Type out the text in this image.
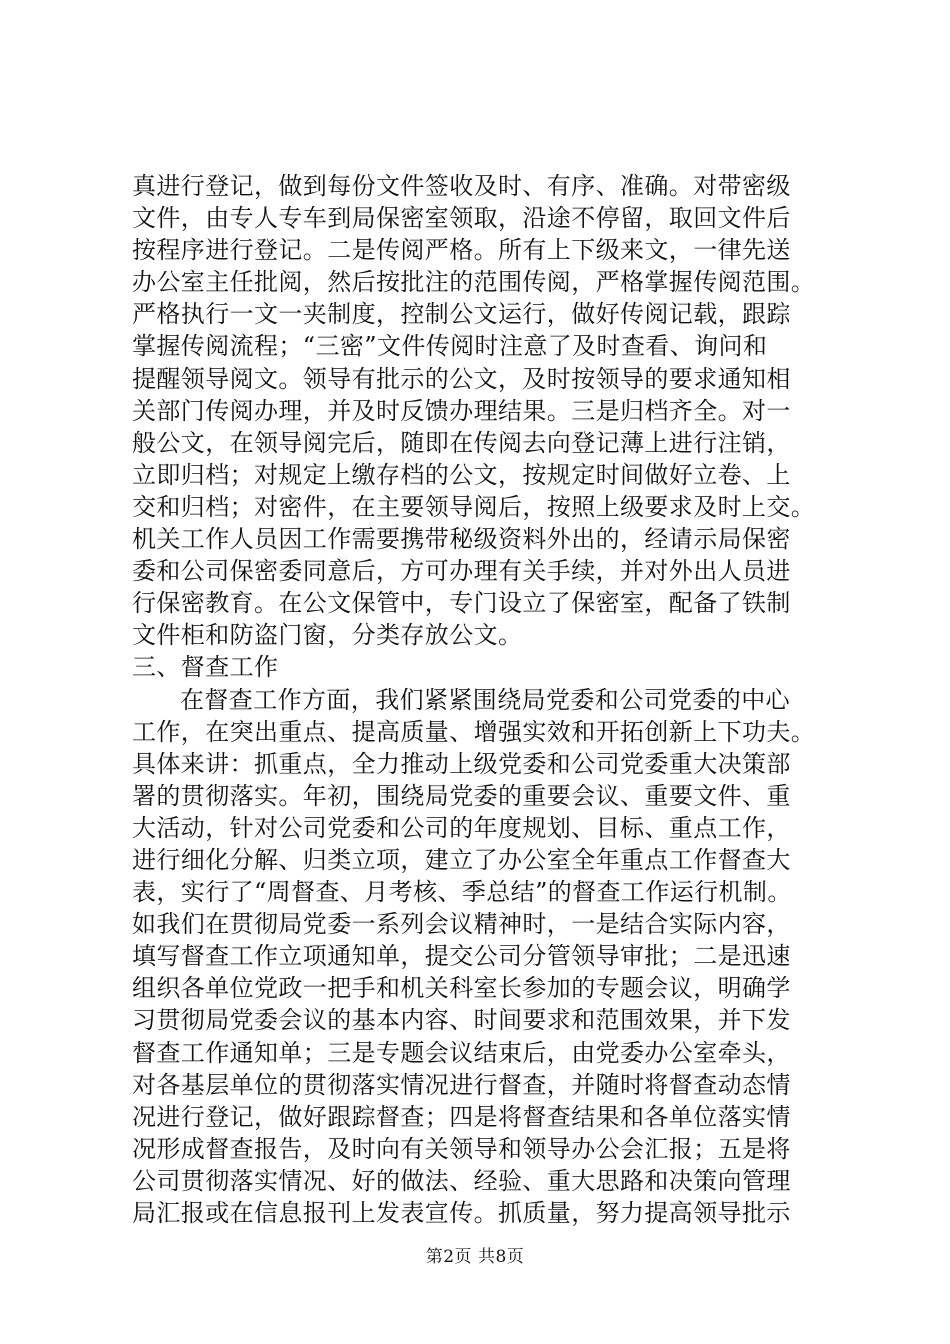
真进行登记，做到每份文件签收及时、有序、准确。对带密级
文件，由专人专车到局保密室领取，沿途不停留，取回文件后
按程序进行登记。二是传阅严格。所有上下级来文，一律先送
办公室主任批阅，然后按批注的范围传阅，严格掌握传阅范围。
严格执行一文一夹制度，控制公文运行，做好传阅记载，跟踪
掌握传阅流程；“三密”文件传阅时注意了及时查看、询问和
提醒领导阅文。领导有批示的公文，及时按领导的要求通知相
关部门传阅办理，并及时反馈办理结果。三是归档齐全。对一
般公文，在领导阅完后，随即在传阅去向登记薄上进行注销，
立即归档；对规定上缴存档的公文，按规定时间做好立卷、上
交和归档；对密件，在主要领导阅后，按照上级要求及时上交。
机关工作人员因工作需要携带秘级资料外出的，经请示局保密
委和公司保密委同意后，方可办理有关手续，并对外出人员进
行保密教育。在公文保管中，专门设立了保密室，配备了铁制
文件柜和防盗门窗，分类存放公文。

三、督查工作

在督查工作方面，我们紧紧围绕局党委和公司党委的中心
工作，在突出重点、提高质量、增强实效和开拓创新上下功夫。
具体来讲：抓重点，全力推动上级党委和公司党委重大决策部
署的贯彻落实。年初，围绕局党委的重要会议、重要文件、重
大活动，针对公司党委和公司的年度规划、目标、重点工作，
进行细化分解、归类立项，建立了办公室全年重点工作督查大
表，实行了“周督查、月考核、季总结”的督查工作运行机制。
如我们在贯彻局党委一系列会议精神时，一是结合实际内容，
填写督查工作立项通知单，提交公司分管领导审批；二是迅速
组织各单位党政一把手和机关科室长参加的专题会议，明确学
习贯彻局党委会议的基本内容、时间要求和范围效果，并下发
督查工作通知单；三是专题会议结束后，由党委办公室牵头，
对各基层单位的贯彻落实情况进行督查，并随时将督查动态情
况进行登记，做好跟踪督查；四是将督查结果和各单位落实情
况形成督查报告，及时向有关领导和领导办公会汇报；五是将
公司贯彻落实情况、好的做法、经验、重大思路和决策向管理
局汇报或在信息报刊上发表宣传。抓质量，努力提高领导批示

第2页 共8页
